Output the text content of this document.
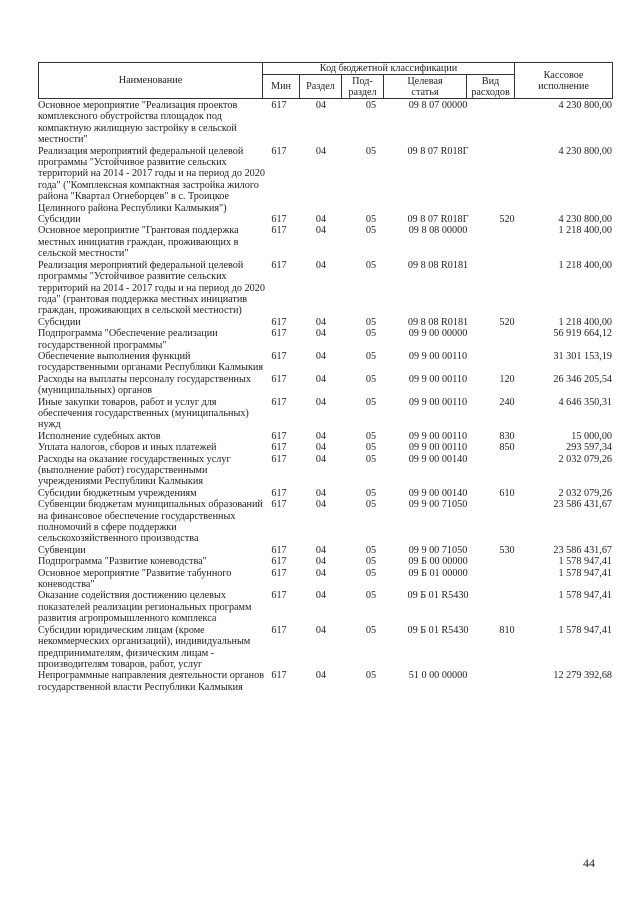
Наименование	Код бюджетной классификации					Кассовое
исполнение
	Мин	Раздел	Под-
раздел	Целевая
статья	Вид
расходов	
Основное мероприятие "Реализация проектов комплексного обустройства площадок под компактную жилищную застройку в сельской местности"
617	04	05	09 8 07 00000	4 230 800,00
Реализация мероприятий федеральной целевой программы "Устойчивое развитие сельских территорий на 2014 - 2017 годы и на период до 2020 года" ("Комплексная компактная застройка жилого района "Квартал Огнеборцев" в с. Троицкое Целинного района Республики Калмыкия")
617	04	05	09 8 07 R018Г	4 230 800,00
Субсидии	617	04	05	09 8 07 R018Г	520	4 230 800,00
Основное мероприятие "Грантовая поддержка местных инициатив граждан, проживающих в сельской местности"
617	04	05	09 8 08 00000	1 218 400,00
Реализация мероприятий федеральной целевой программы "Устойчивое развитие сельских территорий на 2014 - 2017 годы и на период до 2020 года" (грантовая поддержка местных инициатив граждан, проживающих в сельской местности)
617	04	05	09 8 08 R0181	1 218 400,00
Субсидии	617	04	05	09 8 08 R0181	520	1 218 400,00
Подпрограмма "Обеспечение реализации государственной программы"
617	04	05	09 9 00 00000	56 919 664,12
Обеспечение выполнения функций государственными органами Республики Калмыкия
617	04	05	09 9 00 00110	31 301 153,19
Расходы на выплаты персоналу государственных (муниципальных) органов
617	04	05	09 9 00 00110	120	26 346 205,54
Иные закупки товаров, работ и услуг для обеспечения государственных (муниципальных) нужд
617	04	05	09 9 00 00110	240	4 646 350,31
Исполнение судебных актов	617	04	05	09 9 00 00110	830	15 000,00
Уплата налогов, сборов и иных платежей	617	04	05	09 9 00 00110	850	293 597,34
Расходы на оказание государственных услуг (выполнение работ) государственными учреждениями Республики Калмыкия
617	04	05	09 9 00 00140	2 032 079,26
Субсидии бюджетным учреждениям	617	04	05	09 9 00 00140	610	2 032 079,26
Субвенции бюджетам муниципальных образований на финансовое обеспечение государственных полномочий в сфере поддержки сельскохозяйственного производства
617	04	05	09 9 00 71050	23 586 431,67
Субвенции	617	04	05	09 9 00 71050	530	23 586 431,67
Подпрограмма "Развитие коневодства"	617	04	05	09 Б 00 00000	1 578 947,41
Основное мероприятие "Развитие табунного коневодства"
617	04	05	09 Б 01 00000	1 578 947,41
Оказание содействия достижению целевых показателей реализации региональных программ развития агропромышленного комплекса
617	04	05	09 Б 01 R5430	1 578 947,41
Субсидии юридическим лицам (кроме некоммерческих организаций), индивидуальным предпринимателям, физическим лицам - производителям товаров, работ, услуг
617	04	05	09 Б 01 R5430	810	1 578 947,41
Непрограммные направления деятельности органов государственной власти Республики Калмыкия
617	04	05	51 0 00 00000	12 279 392,68
44
